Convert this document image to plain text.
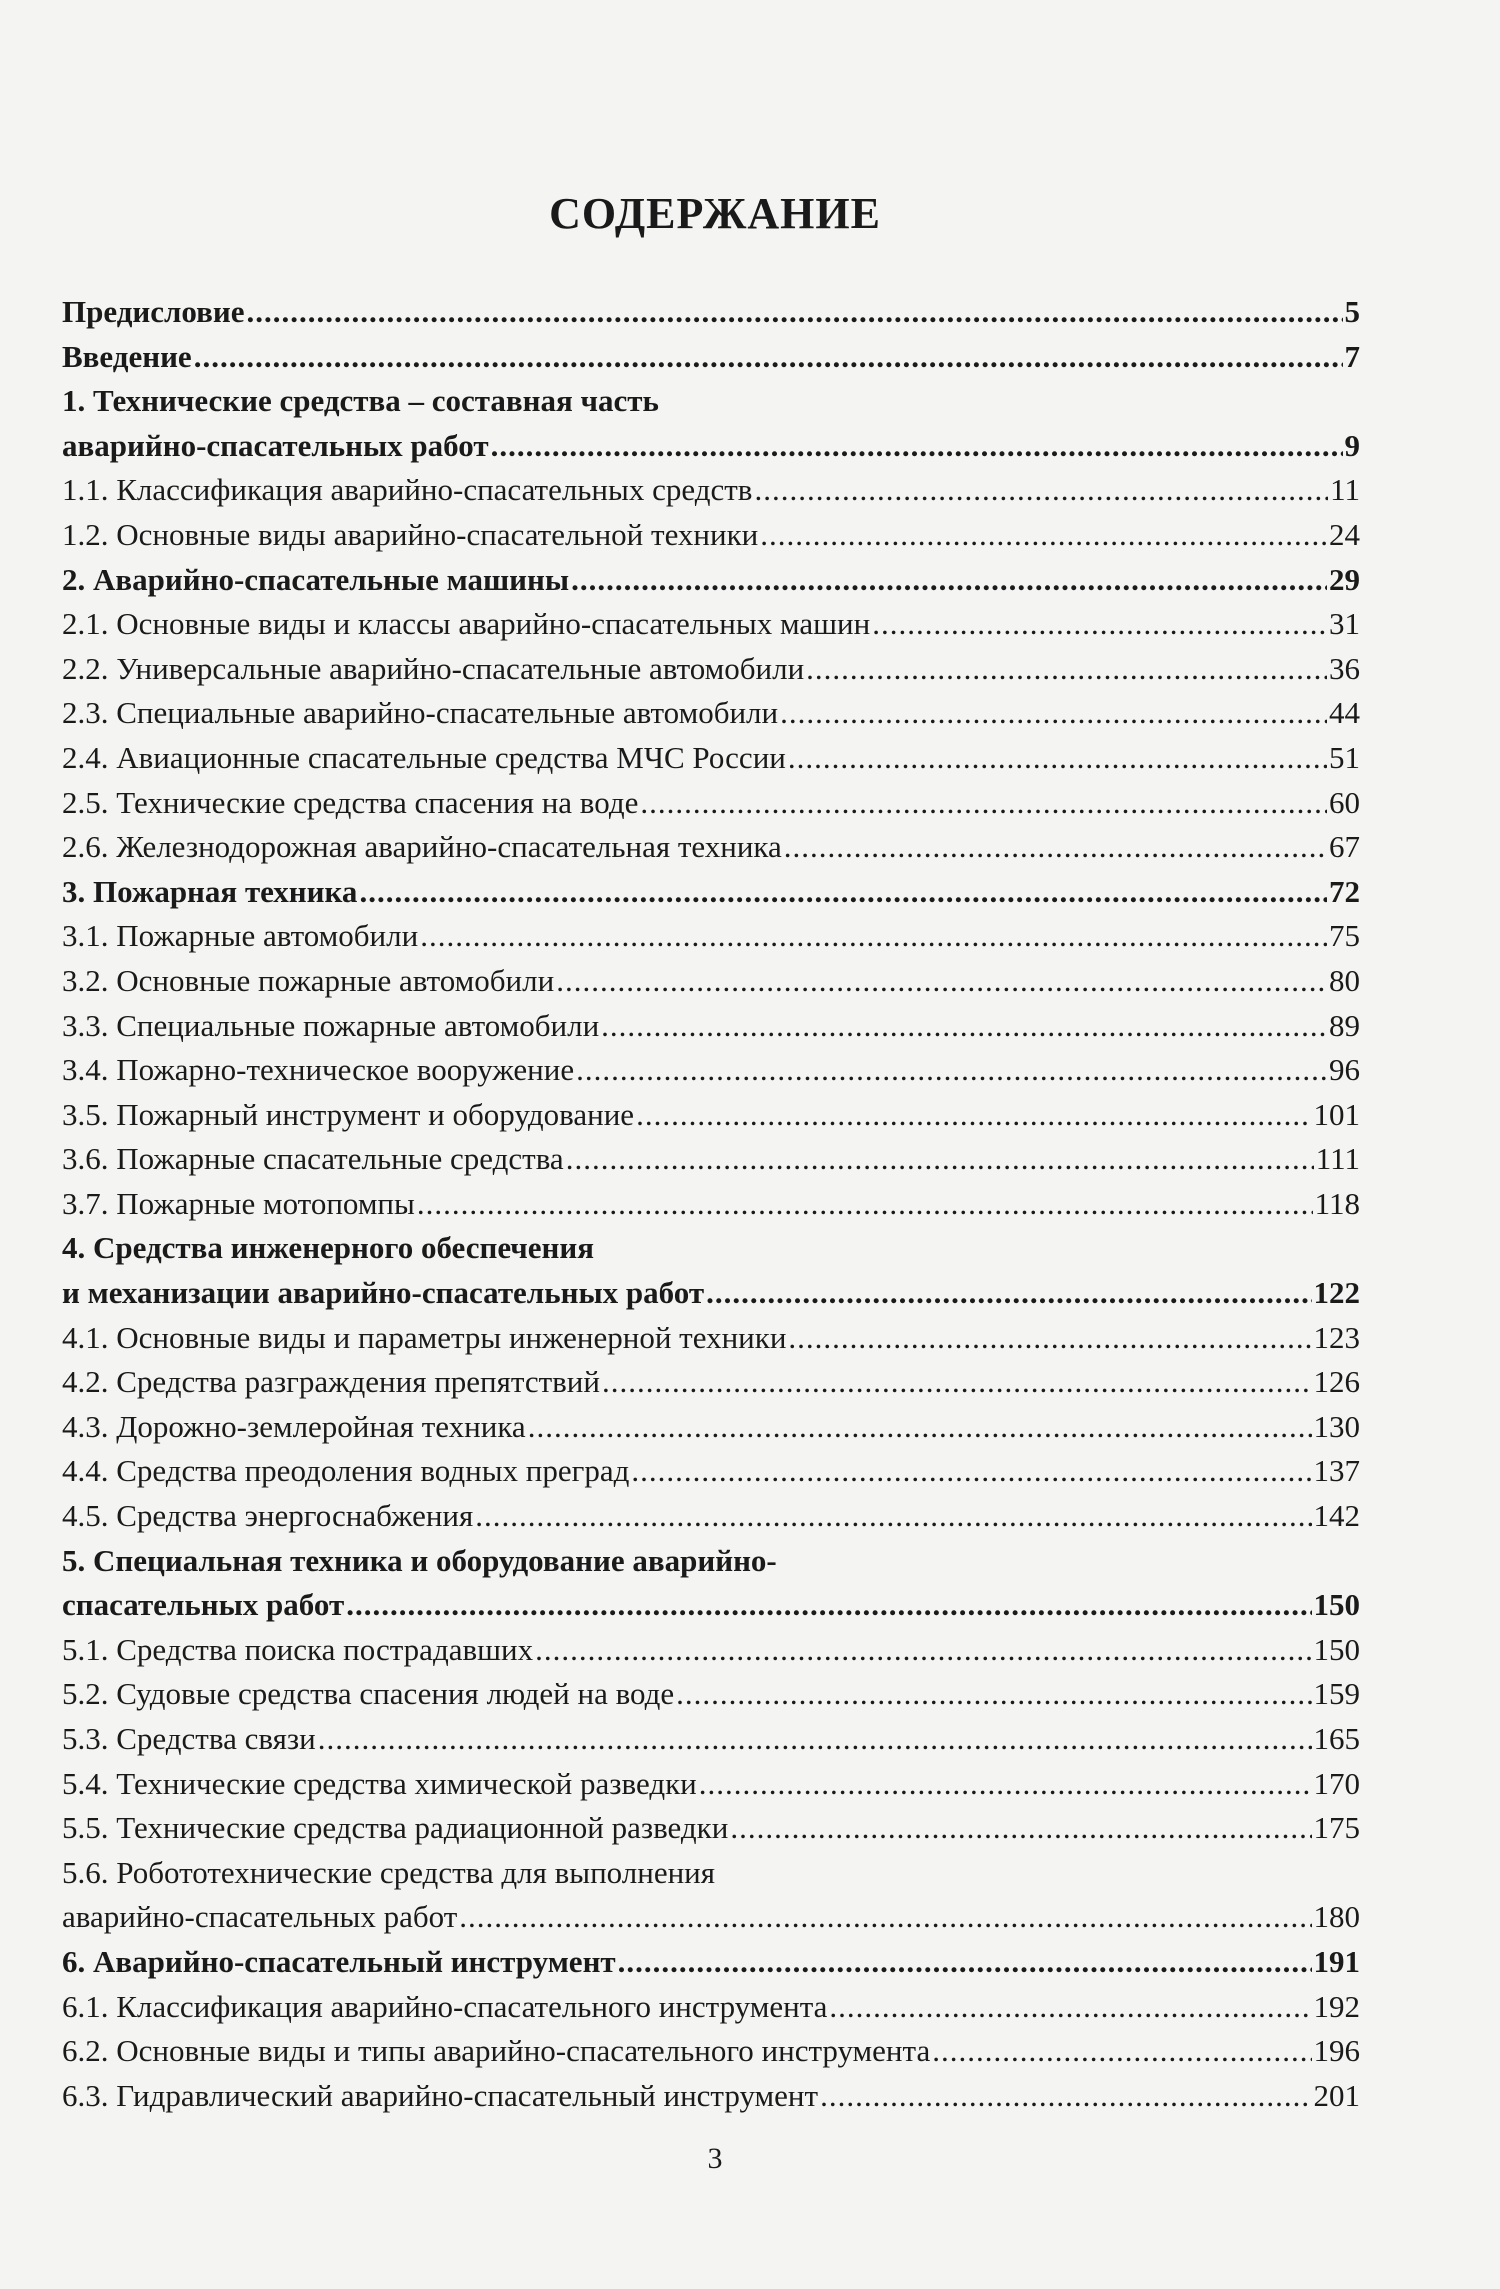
СОДЕРЖАНИЕ
Предисловие .....	5
Введение .....	7
1. Технические средства – составная часть
аварийно-спасательных работ .....	9
1.1. Классификация аварийно-спасательных средств .....	11
1.2. Основные виды аварийно-спасательной техники .....	24
2. Аварийно-спасательные машины .....	29
2.1. Основные виды и классы аварийно-спасательных машин .....	31
2.2. Универсальные аварийно-спасательные автомобили .....	36
2.3. Специальные аварийно-спасательные автомобили .....	44
2.4. Авиационные спасательные средства МЧС России .....	51
2.5. Технические средства спасения на воде .....	60
2.6. Железнодорожная аварийно-спасательная техника .....	67
3. Пожарная техника .....	72
3.1. Пожарные автомобили .....	75
3.2. Основные пожарные автомобили .....	80
3.3. Специальные пожарные автомобили .....	89
3.4. Пожарно-техническое вооружение .....	96
3.5. Пожарный инструмент и оборудование .....	101
3.6. Пожарные спасательные средства .....	111
3.7. Пожарные мотопомпы .....	118
4. Средства инженерного обеспечения
и механизации аварийно-спасательных работ .....	122
4.1. Основные виды и параметры инженерной техники .....	123
4.2. Средства разграждения препятствий .....	126
4.3. Дорожно-землеройная техника .....	130
4.4. Средства преодоления водных преград .....	137
4.5. Средства энергоснабжения .....	142
5. Специальная техника и оборудование аварийно-
спасательных работ .....	150
5.1. Средства поиска пострадавших .....	150
5.2. Судовые средства спасения людей на воде .....	159
5.3. Средства связи .....	165
5.4. Технические средства химической разведки .....	170
5.5. Технические средства радиационной разведки .....	175
5.6. Робототехнические средства для выполнения
аварийно-спасательных работ .....	180
6. Аварийно-спасательный инструмент .....	191
6.1. Классификация аварийно-спасательного инструмента .....	192
6.2. Основные виды и типы аварийно-спасательного инструмента .....	196
6.3. Гидравлический аварийно-спасательный инструмент .....	201
3
